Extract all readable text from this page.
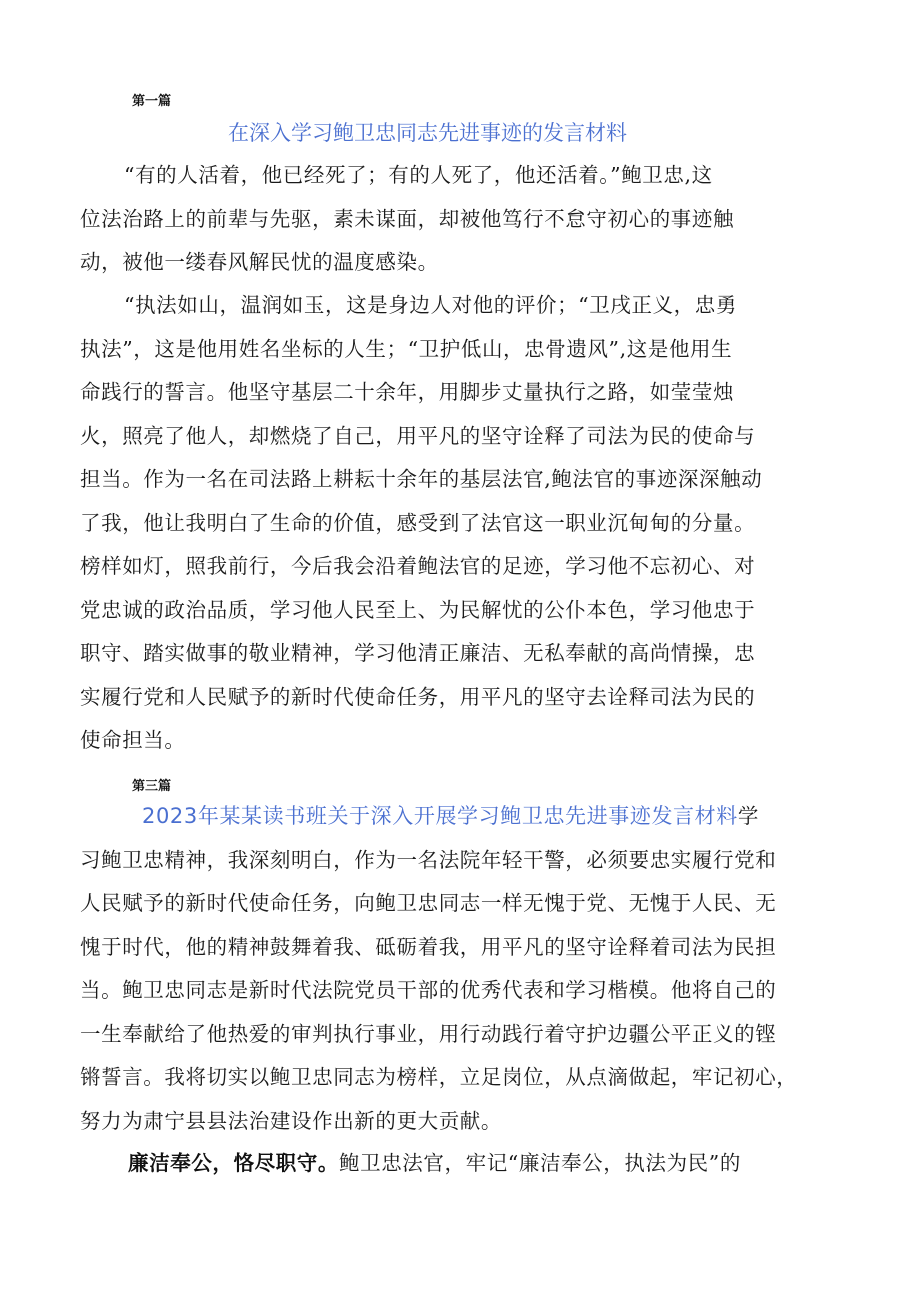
第一篇
在深入学习鲍卫忠同志先进事迹的发言材料
“有的人活着，他已经死了；有的人死了，他还活着。”鲍卫忠,这
位法治路上的前辈与先驱，素未谋面，却被他笃行不怠守初心的事迹触
动，被他一缕春风解民忧的温度感染。
“执法如山，温润如玉，这是身边人对他的评价；“卫戌正义，忠勇
执法”，这是他用姓名坐标的人生；“卫护低山，忠骨遗风”,这是他用生
命践行的誓言。他坚守基层二十余年，用脚步丈量执行之路，如莹莹烛
火，照亮了他人，却燃烧了自己，用平凡的坚守诠释了司法为民的使命与
担当。作为一名在司法路上耕耘十余年的基层法官,鲍法官的事迹深深触动
了我，他让我明白了生命的价值，感受到了法官这一职业沉甸甸的分量。
榜样如灯，照我前行，今后我会沿着鲍法官的足迹，学习他不忘初心、对
党忠诚的政治品质，学习他人民至上、为民解忧的公仆本色，学习他忠于
职守、踏实做事的敬业精神，学习他清正廉洁、无私奉献的高尚情操，忠
实履行党和人民赋予的新时代使命任务，用平凡的坚守去诠释司法为民的
使命担当。
第三篇
2023年某某读书班关于深入开展学习鲍卫忠先进事迹发言材料学
习鲍卫忠精神，我深刻明白，作为一名法院年轻干警，必须要忠实履行党和
人民赋予的新时代使命任务，向鲍卫忠同志一样无愧于党、无愧于人民、无
愧于时代，他的精神鼓舞着我、砥砺着我，用平凡的坚守诠释着司法为民担
当。鲍卫忠同志是新时代法院党员干部的优秀代表和学习楷模。他将自己的
一生奉献给了他热爱的审判执行事业，用行动践行着守护边疆公平正义的铿
锵誓言。我将切实以鲍卫忠同志为榜样，立足岗位，从点滴做起，牢记初心，
努力为肃宁县县法治建设作出新的更大贡献。
廉洁奉公，恪尽职守。鲍卫忠法官，牢记“廉洁奉公，执法为民”的
